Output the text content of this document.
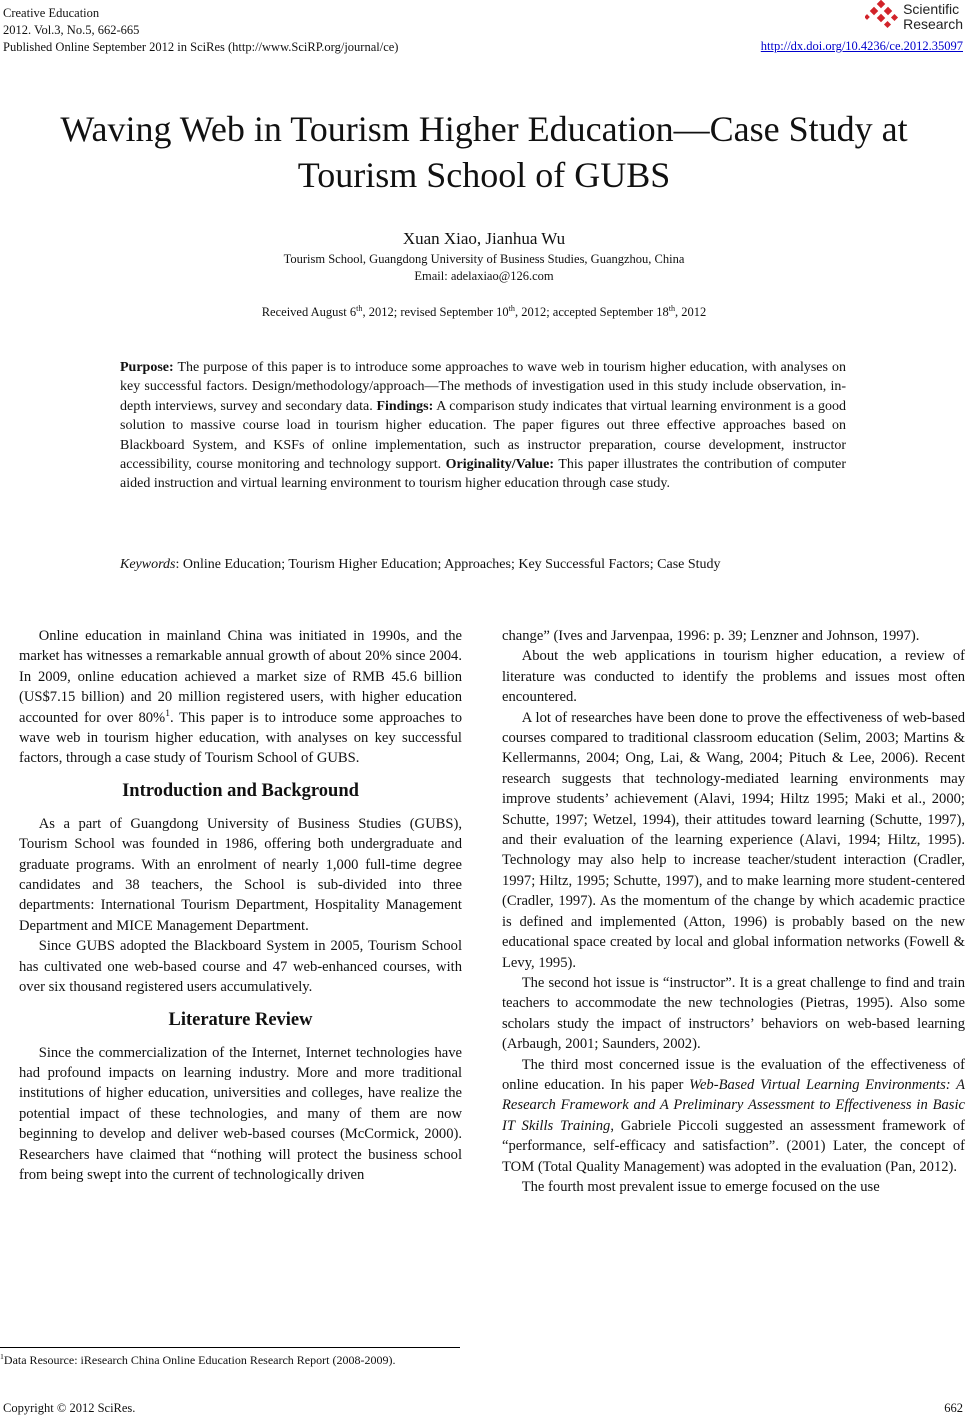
Creative Education
2012. Vol.3, No.5, 662-665
Published Online September 2012 in SciRes (http://www.SciRP.org/journal/ce)
Scientific
Research
http://dx.doi.org/10.4236/ce.2012.35097
Waving Web in Tourism Higher Education—Case Study at
Tourism School of GUBS
Xuan Xiao, Jianhua Wu
Tourism School, Guangdong University of Business Studies, Guangzhou, China
Email: adelaxiao@126.com
Received August 6th, 2012; revised September 10th, 2012; accepted September 18th, 2012
Purpose: The purpose of this paper is to introduce some approaches to wave web in tourism higher education, with analyses on key successful factors. Design/methodology/approach—The methods of investigation used in this study include observation, in-depth interviews, survey and secondary data. Findings: A comparison study indicates that virtual learning environment is a good solution to massive course load in tourism higher education. The paper figures out three effective approaches based on Blackboard System, and KSFs of online implementation, such as instructor preparation, course development, instructor accessibility, course monitoring and technology support. Originality/Value: This paper illustrates the contribution of computer aided instruction and virtual learning environment to tourism higher education through case study.
Keywords : Online Education; Tourism Higher Education; Approaches; Key Successful Factors; Case Study

Online education in mainland China was initiated in 1990s, and the market has witnesses a remarkable annual growth of about 20% since 2004. In 2009, online education achieved a market size of RMB 45.6 billion (US$7.15 billion) and 20 million registered users, with higher education accounted for over 80%$^1$. This paper is to introduce some approaches to wave web in tourism higher education, with analyses on key successful factors, through a case study of Tourism School of GUBS.

Introduction and Background

As a part of Guangdong University of Business Studies (GUBS), Tourism School was founded in 1986, offering both undergraduate and graduate programs. With an enrolment of nearly 1,000 full-time degree candidates and 38 teachers, the School is sub-divided into three departments: International Tourism Department, Hospitality Management Department and MICE Management Department.

Since GUBS adopted the Blackboard System in 2005, Tourism School has cultivated one web-based course and 47 web-enhanced courses, with over six thousand registered users accumulatively.

Literature Review

Since the commercialization of the Internet, Internet technologies have had profound impacts on learning industry. More and more traditional institutions of higher education, universities and colleges, have realize the potential impact of these technologies, and many of them are now beginning to develop and deliver web-based courses (McCormick, 2000). Researchers have claimed that “nothing will protect the business school from being swept into the current of technologically driven

change” (Ives and Jarvenpaa, 1996: p. 39; Lenzner and Johnson, 1997).

About the web applications in tourism higher education, a review of literature was conducted to identify the problems and issues most often encountered.

A lot of researches have been done to prove the effectiveness of web-based courses compared to traditional classroom education (Selim, 2003; Martins & Kellermanns, 2004; Ong, Lai, & Wang, 2004; Pituch & Lee, 2006). Recent research suggests that technology-mediated learning environments may improve students’ achievement (Alavi, 1994; Hiltz 1995; Maki et al., 2000; Schutte, 1997; Wetzel, 1994), their attitudes toward learning (Schutte, 1997), and their evaluation of the learning experience (Alavi, 1994; Hiltz, 1995). Technology may also help to increase teacher/student interaction (Cradler, 1997; Hiltz, 1995; Schutte, 1997), and to make learning more student-centered (Cradler, 1997). As the momentum of the change by which academic practice is defined and implemented (Atton, 1996) is probably based on the new educational space created by local and global information networks (Fowell & Levy, 1995).

The second hot issue is “instructor”. It is a great challenge to find and train teachers to accommodate the new technologies (Pietras, 1995). Also some scholars study the impact of instructors’ behaviors on web-based learning (Arbaugh, 2001; Saunders, 2002).

The third most concerned issue is the evaluation of the effectiveness of online education. In his paper Web-Based Virtual Learning Environments: A Research Framework and A Preliminary Assessment to Effectiveness in Basic IT Skills Training, Gabriele Piccoli suggested an assessment framework of “performance, self-efficacy and satisfaction”. (2001) Later, the concept of TOM (Total Quality Management) was adopted in the evaluation (Pan, 2012).

The fourth most prevalent issue to emerge focused on the use

$^1$Data Resource: iResearch China Online Education Research Report (2008-2009).
Copyright © 2012 SciRes.	662
